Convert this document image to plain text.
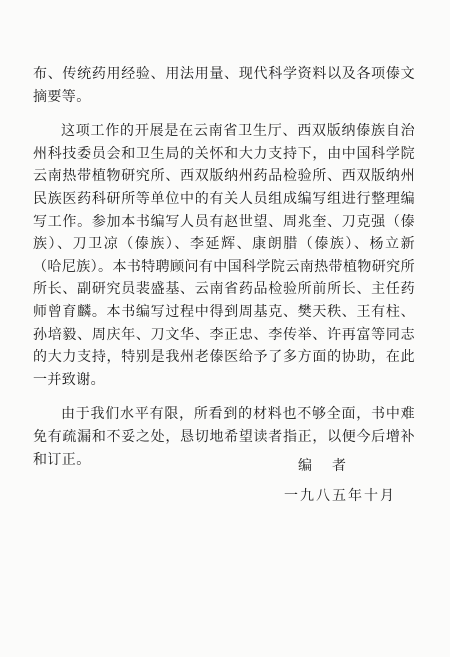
布、传统药用经验、用法用量、现代科学资料以及各项傣文摘要等。

这项工作的开展是在云南省卫生厅、西双版纳傣族自治州科技委员会和卫生局的关怀和大力支持下，由中国科学院云南热带植物研究所、西双版纳州药品检验所、西双版纳州民族医药科研所等单位中的有关人员组成编写组进行整理编写工作。参加本书编写人员有赵世望、周兆奎、刀克强（傣族）、刀卫凉（傣族）、李延辉、康朗腊（傣族）、杨立新（哈尼族）。本书特聘顾问有中国科学院云南热带植物研究所所长、副研究员裴盛基、云南省药品检验所前所长、主任药师曾育麟。本书编写过程中得到周基克、樊天秩、王有柱、孙培毅、周庆年、刀文华、李正忠、李传举、许再富等同志的大力支持，特别是我州老傣医给予了多方面的协助，在此一并致谢。

由于我们水平有限，所看到的材料也不够全面，书中难免有疏漏和不妥之处，恳切地希望读者指正，以便今后增补和订正。	编者
一九八五年十月
